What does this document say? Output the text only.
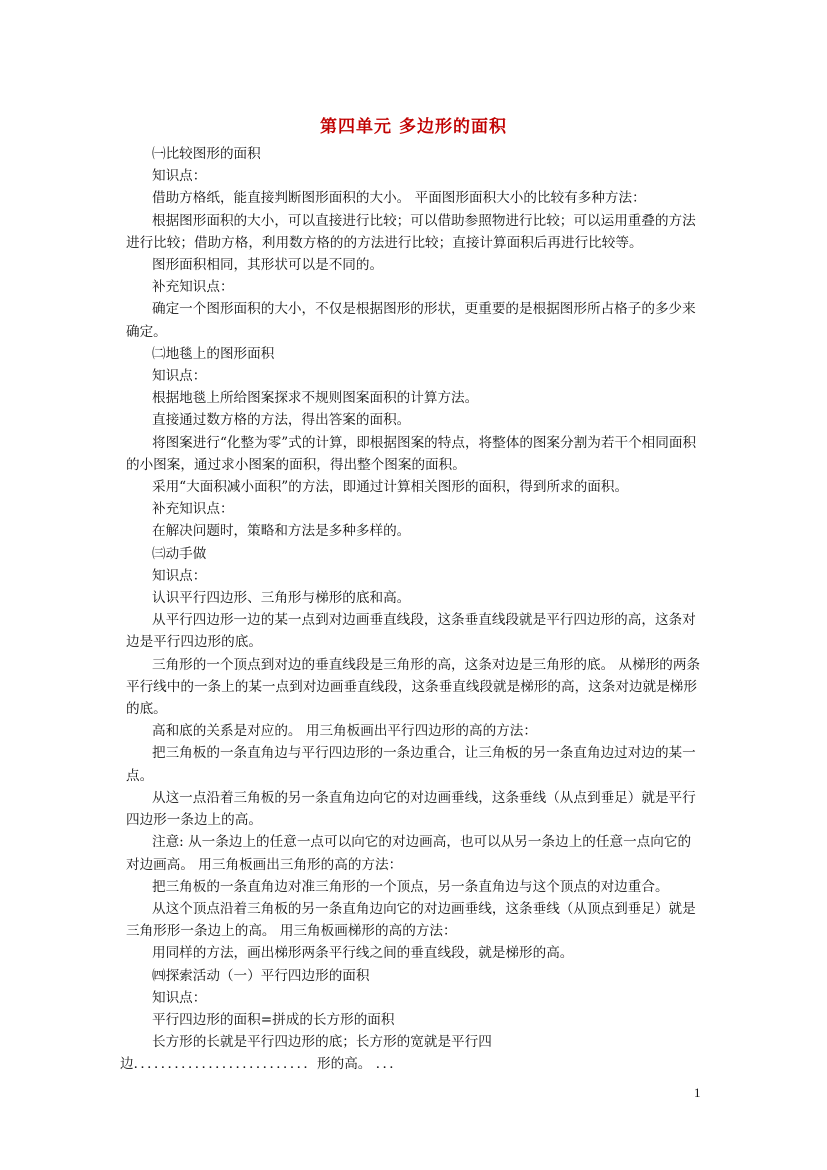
第四单元 多边形的面积

㈠比较图形的面积

知识点：

借助方格纸，能直接判断图形面积的大小。 平面图形面积大小的比较有多种方法：

根据图形面积的大小，可以直接进行比较；可以借助参照物进行比较；可以运用重叠的方法进行比较；借助方格，利用数方格的的方法进行比较；直接计算面积后再进行比较等。

图形面积相同，其形状可以是不同的。

补充知识点：

确定一个图形面积的大小，不仅是根据图形的形状，更重要的是根据图形所占格子的多少来确定。

㈡地毯上的图形面积

知识点：

根据地毯上所给图案探求不规则图案面积的计算方法。

直接通过数方格的方法，得出答案的面积。

将图案进行“化整为零”式的计算，即根据图案的特点，将整体的图案分割为若干个相同面积的小图案，通过求小图案的面积，得出整个图案的面积。

采用“大面积减小面积”的方法，即通过计算相关图形的面积，得到所求的面积。

补充知识点：

在解决问题时，策略和方法是多种多样的。

㈢动手做

知识点：

认识平行四边形、三角形与梯形的底和高。

从平行四边形一边的某一点到对边画垂直线段，这条垂直线段就是平行四边形的高，这条对边是平行四边形的底。

三角形的一个顶点到对边的垂直线段是三角形的高，这条对边是三角形的底。 从梯形的两条平行线中的一条上的某一点到对边画垂直线段，这条垂直线段就是梯形的高，这条对边就是梯形的底。

高和底的关系是对应的。 用三角板画出平行四边形的高的方法：

把三角板的一条直角边与平行四边形的一条边重合，让三角板的另一条直角边过对边的某一点。

从这一点沿着三角板的另一条直角边向它的对边画垂线，这条垂线（从点到垂足）就是平行四边形一条边上的高。

注意: 从一条边上的任意一点可以向它的对边画高，也可以从另一条边上的任意一点向它的对边画高。 用三角板画出三角形的高的方法：

把三角板的一条直角边对准三角形的一个顶点，另一条直角边与这个顶点的对边重合。

从这个顶点沿着三角板的另一条直角边向它的对边画垂线，这条垂线（从顶点到垂足）就是三角形形一条边上的高。 用三角板画梯形的高的方法：

用同样的方法，画出梯形两条平行线之间的垂直线段，就是梯形的高。

㈣探索活动（一）平行四边形的面积

知识点：

平行四边形的面积=拼成的长方形的面积

长方形的长就是平行四边形的底；长方形的宽就是平行四

边．．．．．．．．．．．．．．．．．．．．．．．．．．形的高。 ．．．

1
